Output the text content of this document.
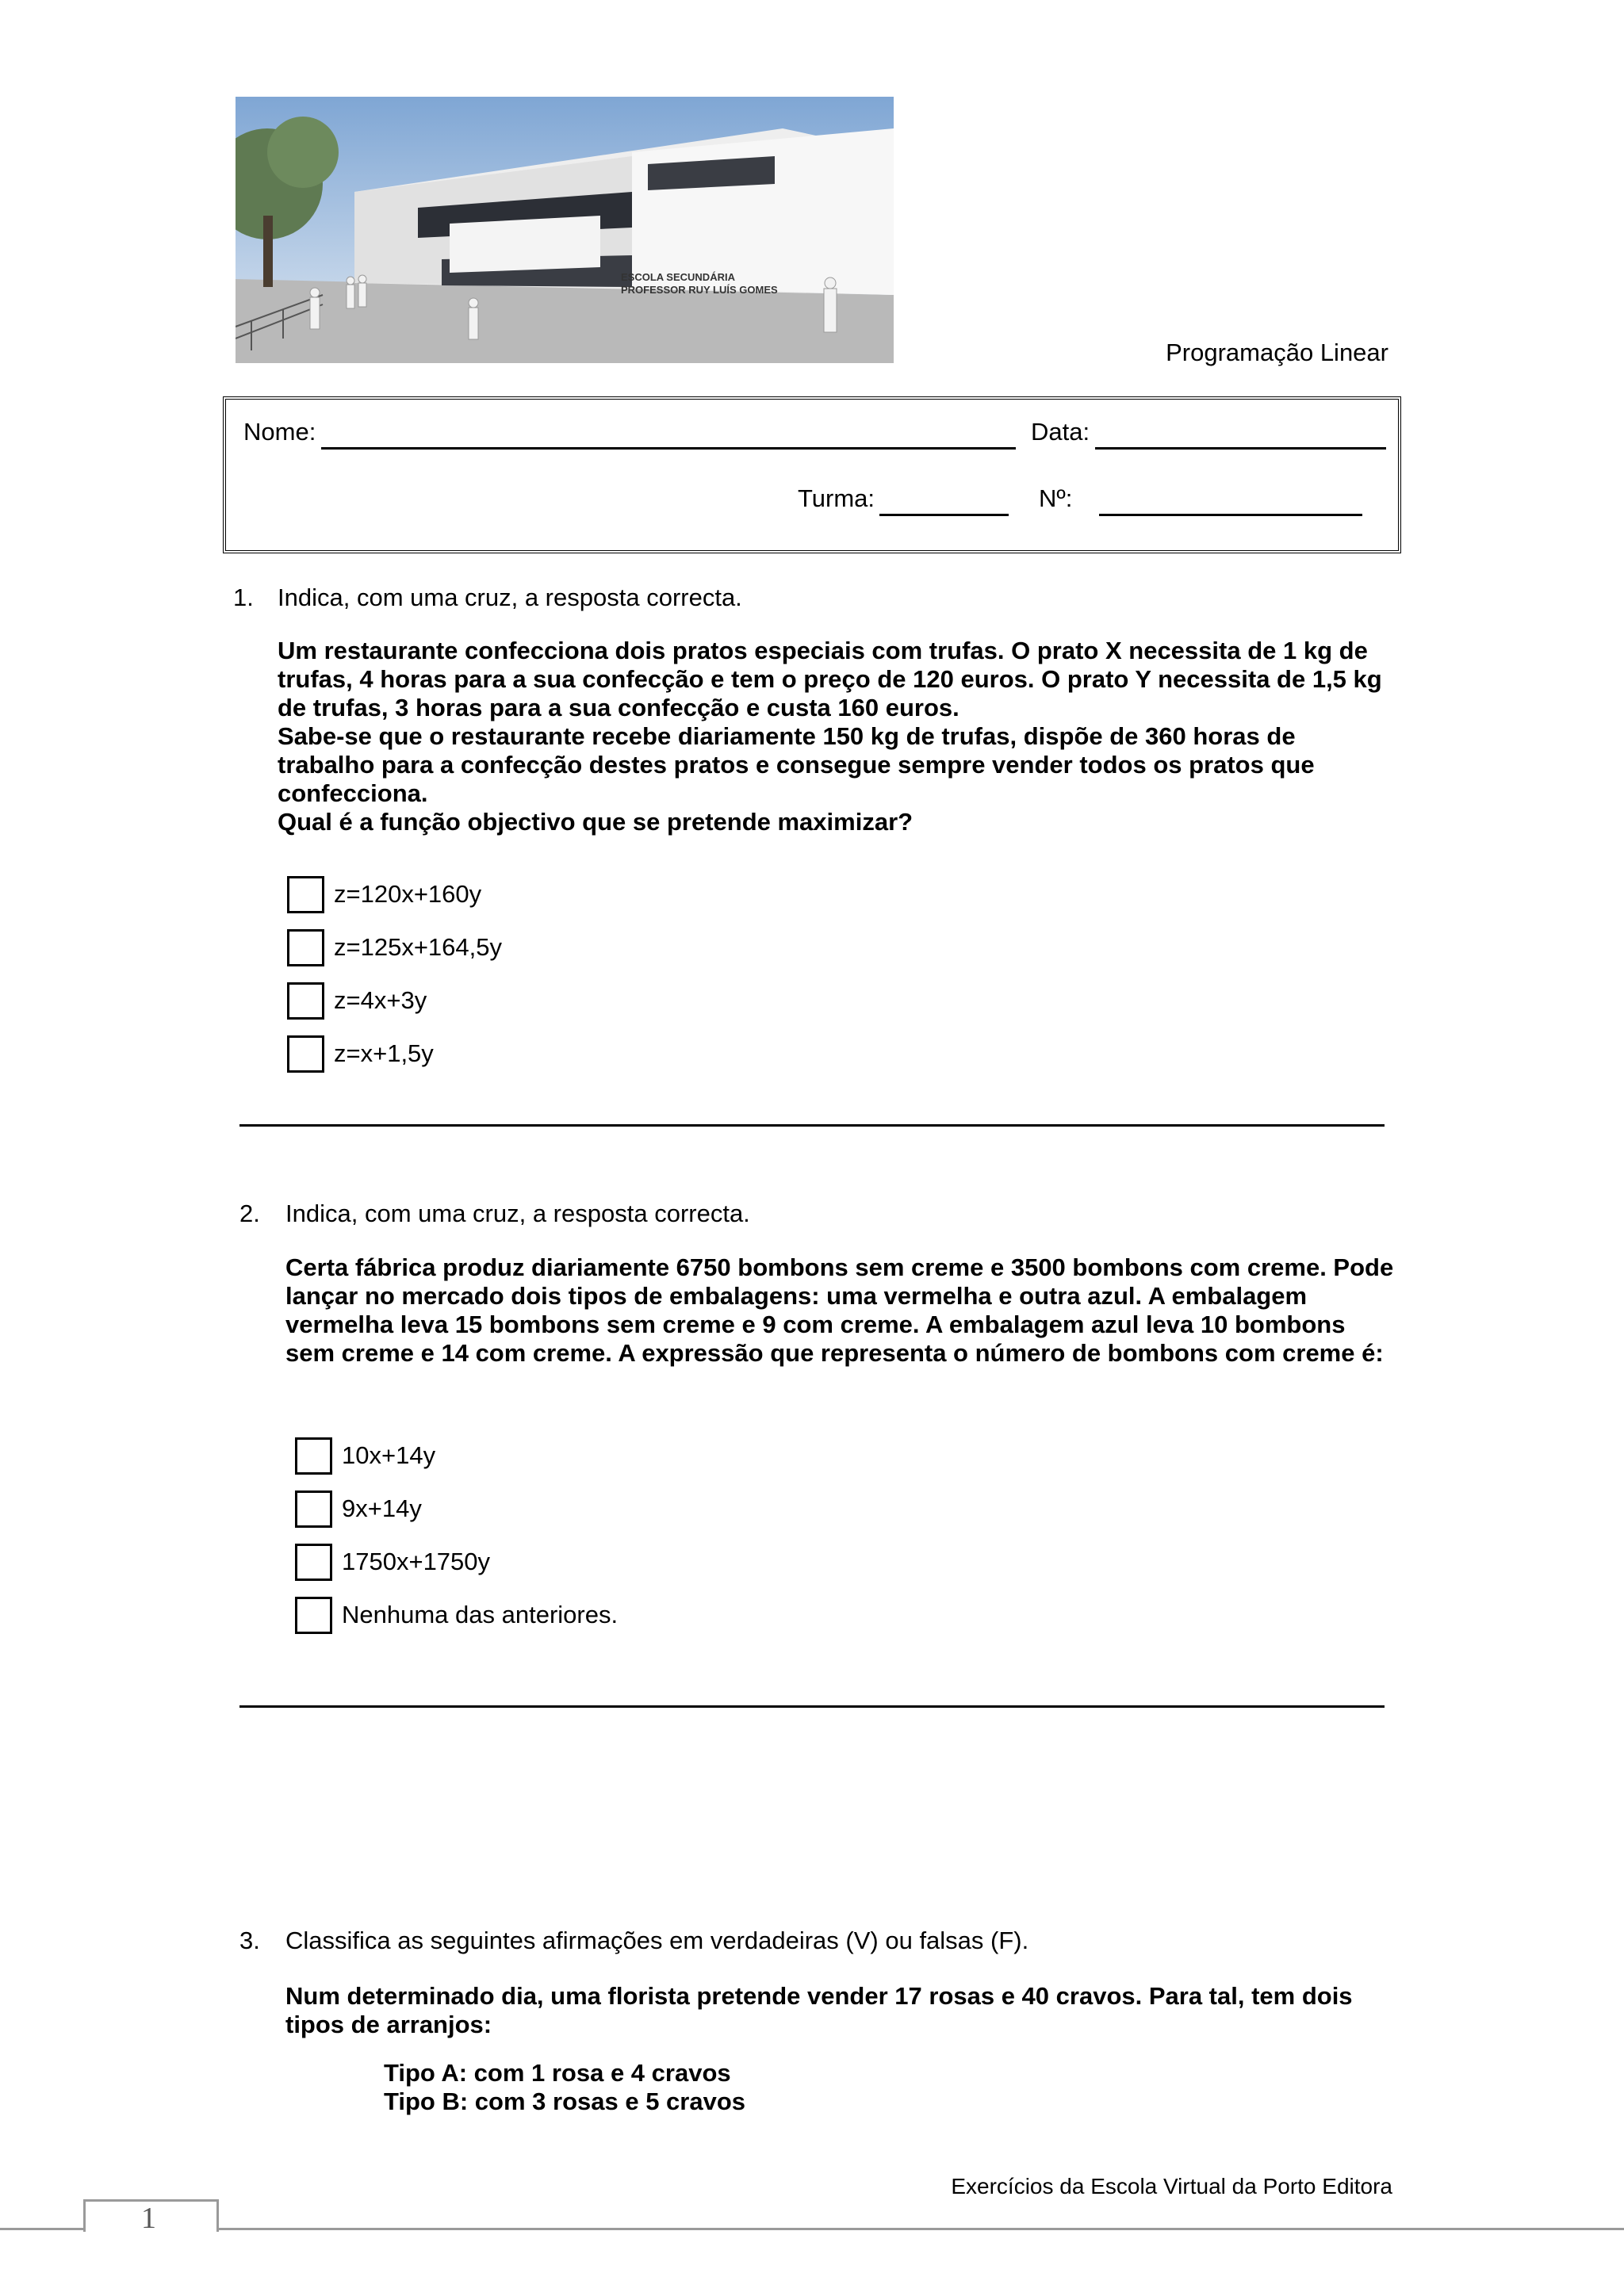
ESCOLA SECUNDÁRIA
PROFESSOR RUY LUÍS GOMES
Programação Linear
Nome:	Data:
Turma:	Nº:
1. Indica, com uma cruz, a resposta correcta.

Um restaurante confecciona dois pratos especiais com trufas. O prato X necessita de 1 kg de trufas, 4 horas para a sua confecção e tem o preço de 120 euros. O prato Y necessita de 1,5 kg de trufas, 3 horas para a sua confecção e custa 160 euros.

Sabe-se que o restaurante recebe diariamente 150 kg de trufas, dispõe de 360 horas de trabalho para a confecção destes pratos e consegue sempre vender todos os pratos que confecciona.

Qual é a função objectivo que se pretende maximizar?

z=120x+160y
z=125x+164,5y
z=4x+3y
z=x+1,5y
2. Indica, com uma cruz, a resposta correcta.

Certa fábrica produz diariamente 6750 bombons sem creme e 3500 bombons com creme. Pode lançar no mercado dois tipos de embalagens: uma vermelha e outra azul. A embalagem vermelha leva 15 bombons sem creme e 9 com creme. A embalagem azul leva 10 bombons sem creme e 14 com creme. A expressão que representa o número de bombons com creme é:

10x+14y
9x+14y
1750x+1750y
Nenhuma das anteriores.
3. Classifica as seguintes afirmações em verdadeiras (V) ou falsas (F).

Num determinado dia, uma florista pretende vender 17 rosas e 40 cravos. Para tal, tem dois tipos de arranjos:

Tipo A: com 1 rosa e 4 cravos
Tipo B: com 3 rosas e 5 cravos
Exercícios da Escola Virtual da Porto Editora
1
